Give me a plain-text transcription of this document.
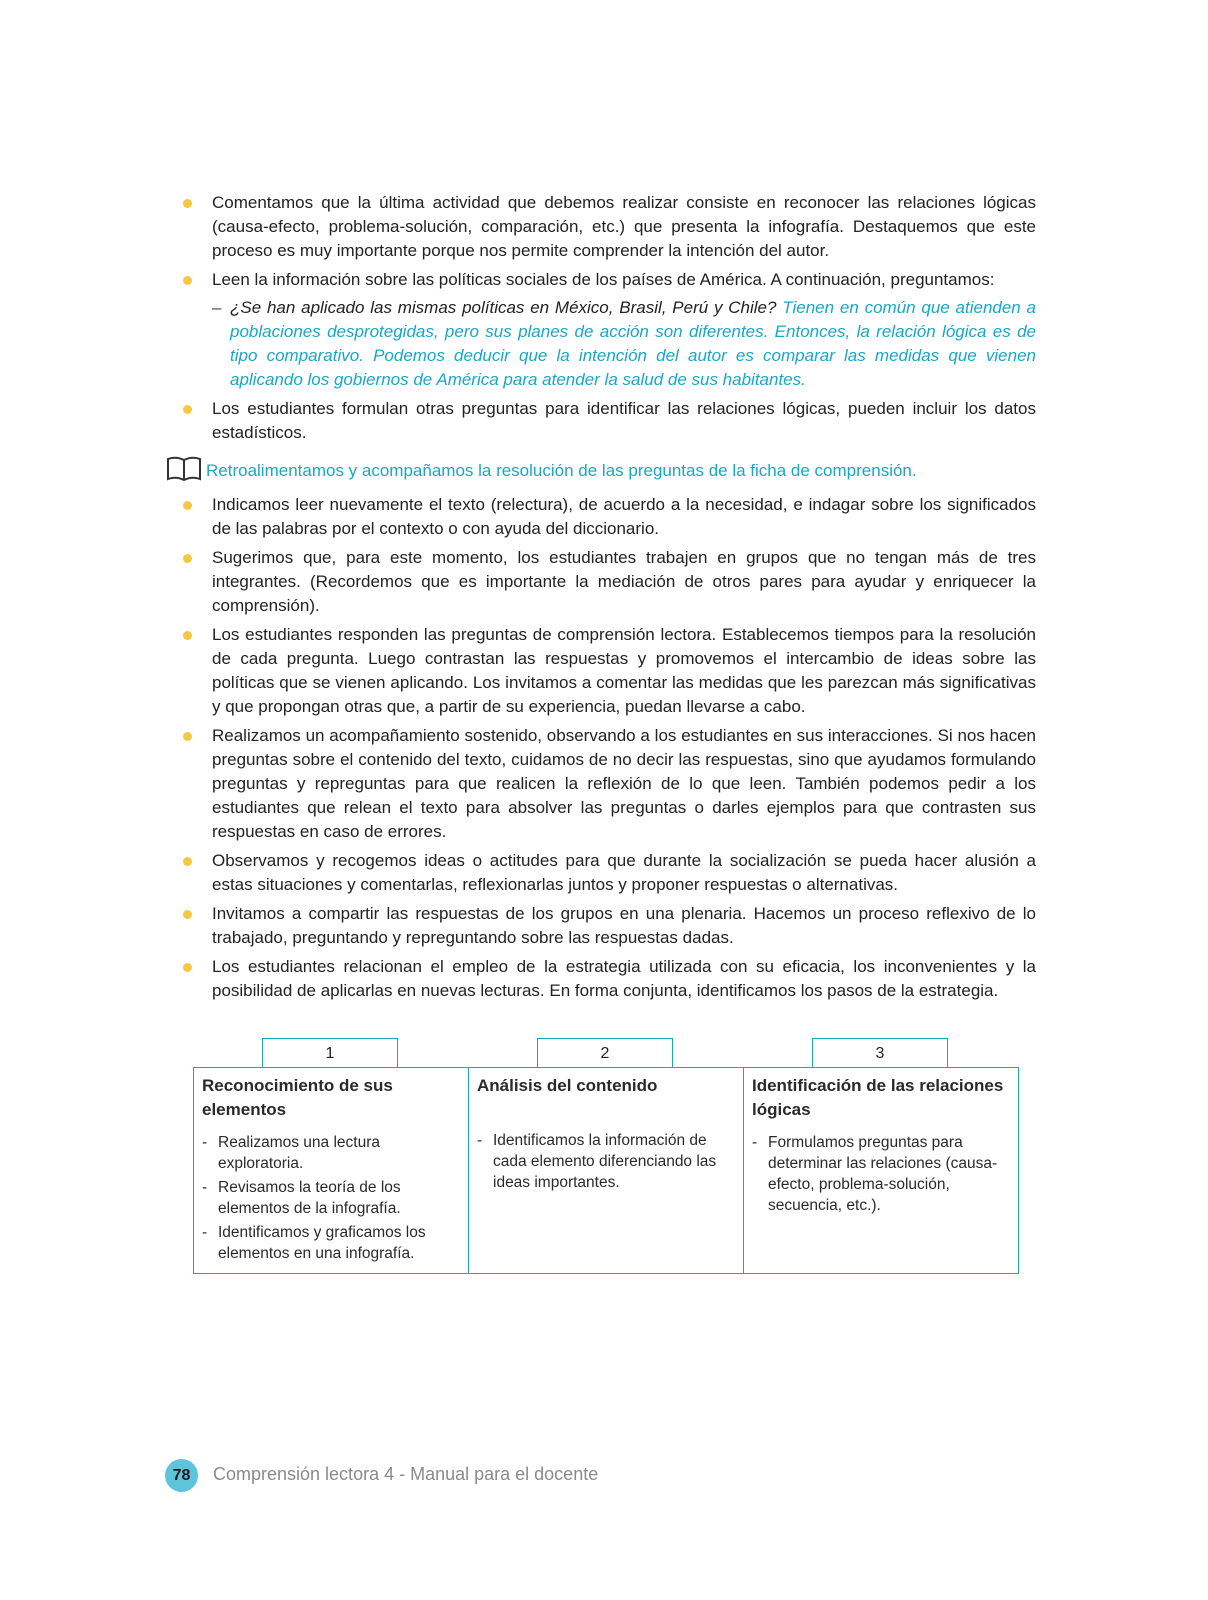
Comentamos que la última actividad que debemos realizar consiste en reconocer las relaciones lógicas (causa-efecto, problema-solución, comparación, etc.) que presenta la infografía. Destaquemos que este proceso es muy importante porque nos permite comprender la intención del autor.
Leen la información sobre las políticas sociales de los países de América. A continuación, preguntamos:
– ¿Se han aplicado las mismas políticas en México, Brasil, Perú y Chile? Tienen en común que atienden a poblaciones desprotegidas, pero sus planes de acción son diferentes. Entonces, la relación lógica es de tipo comparativo. Podemos deducir que la intención del autor es comparar las medidas que vienen aplicando los gobiernos de América para atender la salud de sus habitantes.
Los estudiantes formulan otras preguntas para identificar las relaciones lógicas, pueden incluir los datos estadísticos.
Retroalimentamos y acompañamos la resolución de las preguntas de la ficha de comprensión.
Indicamos leer nuevamente el texto (relectura), de acuerdo a la necesidad, e indagar sobre los significados de las palabras por el contexto o con ayuda del diccionario.
Sugerimos que, para este momento, los estudiantes trabajen en grupos que no tengan más de tres integrantes. (Recordemos que es importante la mediación de otros pares para ayudar y enriquecer la comprensión).
Los estudiantes responden las preguntas de comprensión lectora. Establecemos tiempos para la resolución de cada pregunta. Luego contrastan las respuestas y promovemos el intercambio de ideas sobre las políticas que se vienen aplicando. Los invitamos a comentar las medidas que les parezcan más significativas y que propongan otras que, a partir de su experiencia, puedan llevarse a cabo.
Realizamos un acompañamiento sostenido, observando a los estudiantes en sus interacciones. Si nos hacen preguntas sobre el contenido del texto, cuidamos de no decir las respuestas, sino que ayudamos formulando preguntas y repreguntas para que realicen la reflexión de lo que leen. También podemos pedir a los estudiantes que relean el texto para absolver las preguntas o darles ejemplos para que contrasten sus respuestas en caso de errores.
Observamos y recogemos ideas o actitudes para que durante la socialización se pueda hacer alusión a estas situaciones y comentarlas, reflexionarlas juntos y proponer respuestas o alternativas.
Invitamos a compartir las respuestas de los grupos en una plenaria. Hacemos un proceso reflexivo de lo trabajado, preguntando y repreguntando sobre las respuestas dadas.
Los estudiantes relacionan el empleo de la estrategia utilizada con su eficacia, los inconvenientes y la posibilidad de aplicarlas en nuevas lecturas. En forma conjunta, identificamos los pasos de la estrategia.
1

Reconocimiento de sus elementos

- Realizamos una lectura exploratoria.
- Revisamos la teoría de los elementos de la infografía.
- Identificamos y graficamos los elementos en una infografía.
2

Análisis del contenido

- Identificamos la información de cada elemento diferenciando las ideas importantes.
3

Identificación de las relaciones lógicas

- Formulamos preguntas para determinar las relaciones (causa-efecto, problema-solución, secuencia, etc.).
78	Comprensión lectora 4 - Manual para el docente
